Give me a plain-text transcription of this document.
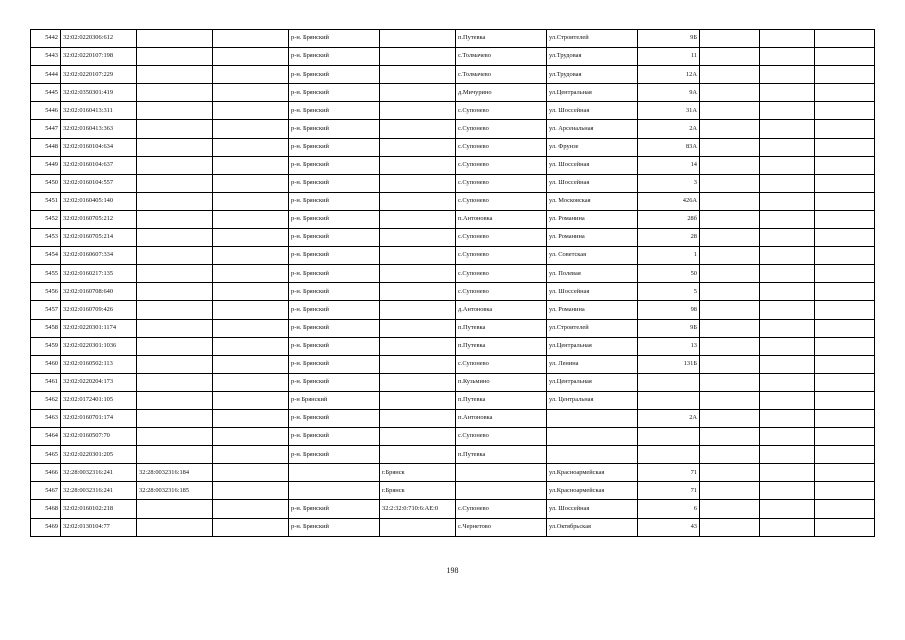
5442	32:02:0220306:612			р-н. Брянский		п.Путевка	ул.Строителей	9Б			
5443	32:02:0220107:198			р-н. Брянский		с.Толмачево	ул.Трудовая	11			
5444	32:02:0220107:229			р-н. Брянский		с.Толмачево	ул.Трудовая	12А			
5445	32:02:0350301:419			р-н. Брянский		д.Мичурино	ул.Центральная	9А			
5446	32:02:0160413:311			р-н. Брянский		с.Супонево	ул. Шоссейная	31А			
5447	32:02:0160413:363			р-н. Брянский		с.Супонево	ул. Арсенальная	2А			
5448	32:02:0160104:634			р-н. Брянский		с.Супонево	ул. Фрунзе	83А			
5449	32:02:0160104:637			р-н. Брянский		с.Супонево	ул. Шоссейная	14			
5450	32:02:0160104:557			р-н. Брянский		с.Супонево	ул. Шоссейная	3			
5451	32:02:0160405:140			р-н. Брянский		с.Супонево	ул. Московская	426А			
5452	32:02:0160705:212			р-н. Брянский		п.Антоновка	ул. Романина	28б			
5453	32:02:0160705:214			р-н. Брянский		с.Супонево	ул. Романина	28			
5454	32:02:0160607:334			р-н. Брянский		с.Супонево	ул. Советская	1			
5455	32:02:0160217:135			р-н. Брянский		с.Супонево	ул. Полевая	50			
5456	32:02:0160708:640			р-н. Брянский		с.Супонево	ул. Шоссейная	5			
5457	32:02:0160709:426			р-н. Брянский		д.Антоновка	ул. Романина	98			
5458	32:02:0220301:1174			р-н. Брянский		п.Путевка	ул.Строителей	9Б			
5459	32:02:0220301:1036			р-н. Брянский		п.Путевка	ул.Центральная	13			
5460	32:02:0160502:113			р-н. Брянский		с.Супонево	ул. Ленина	131Б			
5461	32:02:0220204:173			р-н. Брянский		п.Кузьмино	ул.Центральная				
5462	32:02:0172401:105			р-н Брянский		п.Путевка	ул. Центральная				
5463	32:02:0160701:174			р-н. Брянский		п.Антоновка		2А			
5464	32:02:0160507:70			р-н. Брянский		с.Супонево					
5465	32:02:0220301:205			р-н. Брянский		п.Путевка					
5466	32:28:0032316:241	32:28:0032316:184			г.Брянск		ул.Красноармейская	71			
5467	32:28:0032316:241	32:28:0032316:185			г.Брянск		ул.Красноармейская	71			
5468	32:02:0160102:218			р-н. Брянский	32:2:32:0:710:6:АЕ:0	с.Супонево	ул. Шоссейная	6			
5469	32:02:0130104:77			р-н. Брянский		с.Чернетово	ул.Октябрьская	43			
198
